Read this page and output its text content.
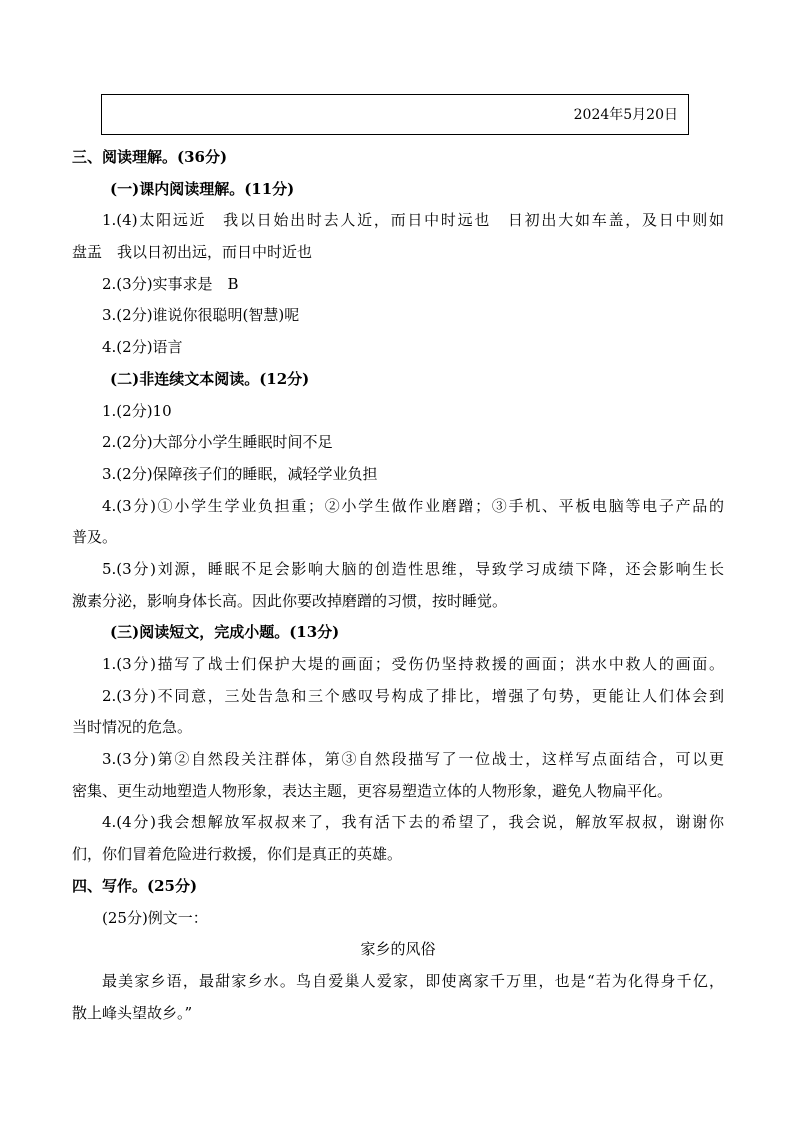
2024年5月20日
三、阅读理解。(36分)
(一)课内阅读理解。(11分)
1.(4)太阳远近　我以日始出时去人近，而日中时远也　日初出大如车盖，及日中则如
盘盂　我以日初出远，而日中时近也
2.(3分)实事求是　B
3.(2分)谁说你很聪明(智慧)呢
4.(2分)语言
(二)非连续文本阅读。(12分)
1.(2分)10
2.(2分)大部分小学生睡眠时间不足
3.(2分)保障孩子们的睡眠，减轻学业负担
4.(3分)①小学生学业负担重；②小学生做作业磨蹭；③手机、平板电脑等电子产品的
普及。
5.(3分)刘源，睡眠不足会影响大脑的创造性思维，导致学习成绩下降，还会影响生长
激素分泌，影响身体长高。因此你要改掉磨蹭的习惯，按时睡觉。
(三)阅读短文，完成小题。(13分)
1.(3分)描写了战士们保护大堤的画面；受伤仍坚持救援的画面；洪水中救人的画面。
2.(3分)不同意，三处告急和三个感叹号构成了排比，增强了句势，更能让人们体会到
当时情况的危急。
3.(3分)第②自然段关注群体，第③自然段描写了一位战士，这样写点面结合，可以更
密集、更生动地塑造人物形象，表达主题，更容易塑造立体的人物形象，避免人物扁平化。
4.(4分)我会想解放军叔叔来了，我有活下去的希望了，我会说，解放军叔叔，谢谢你
们，你们冒着危险进行救援，你们是真正的英雄。
四、写作。(25分)
(25分)例文一：
家乡的风俗
最美家乡语，最甜家乡水。鸟自爱巢人爱家，即使离家千万里，也是“若为化得身千亿，
散上峰头望故乡。”
